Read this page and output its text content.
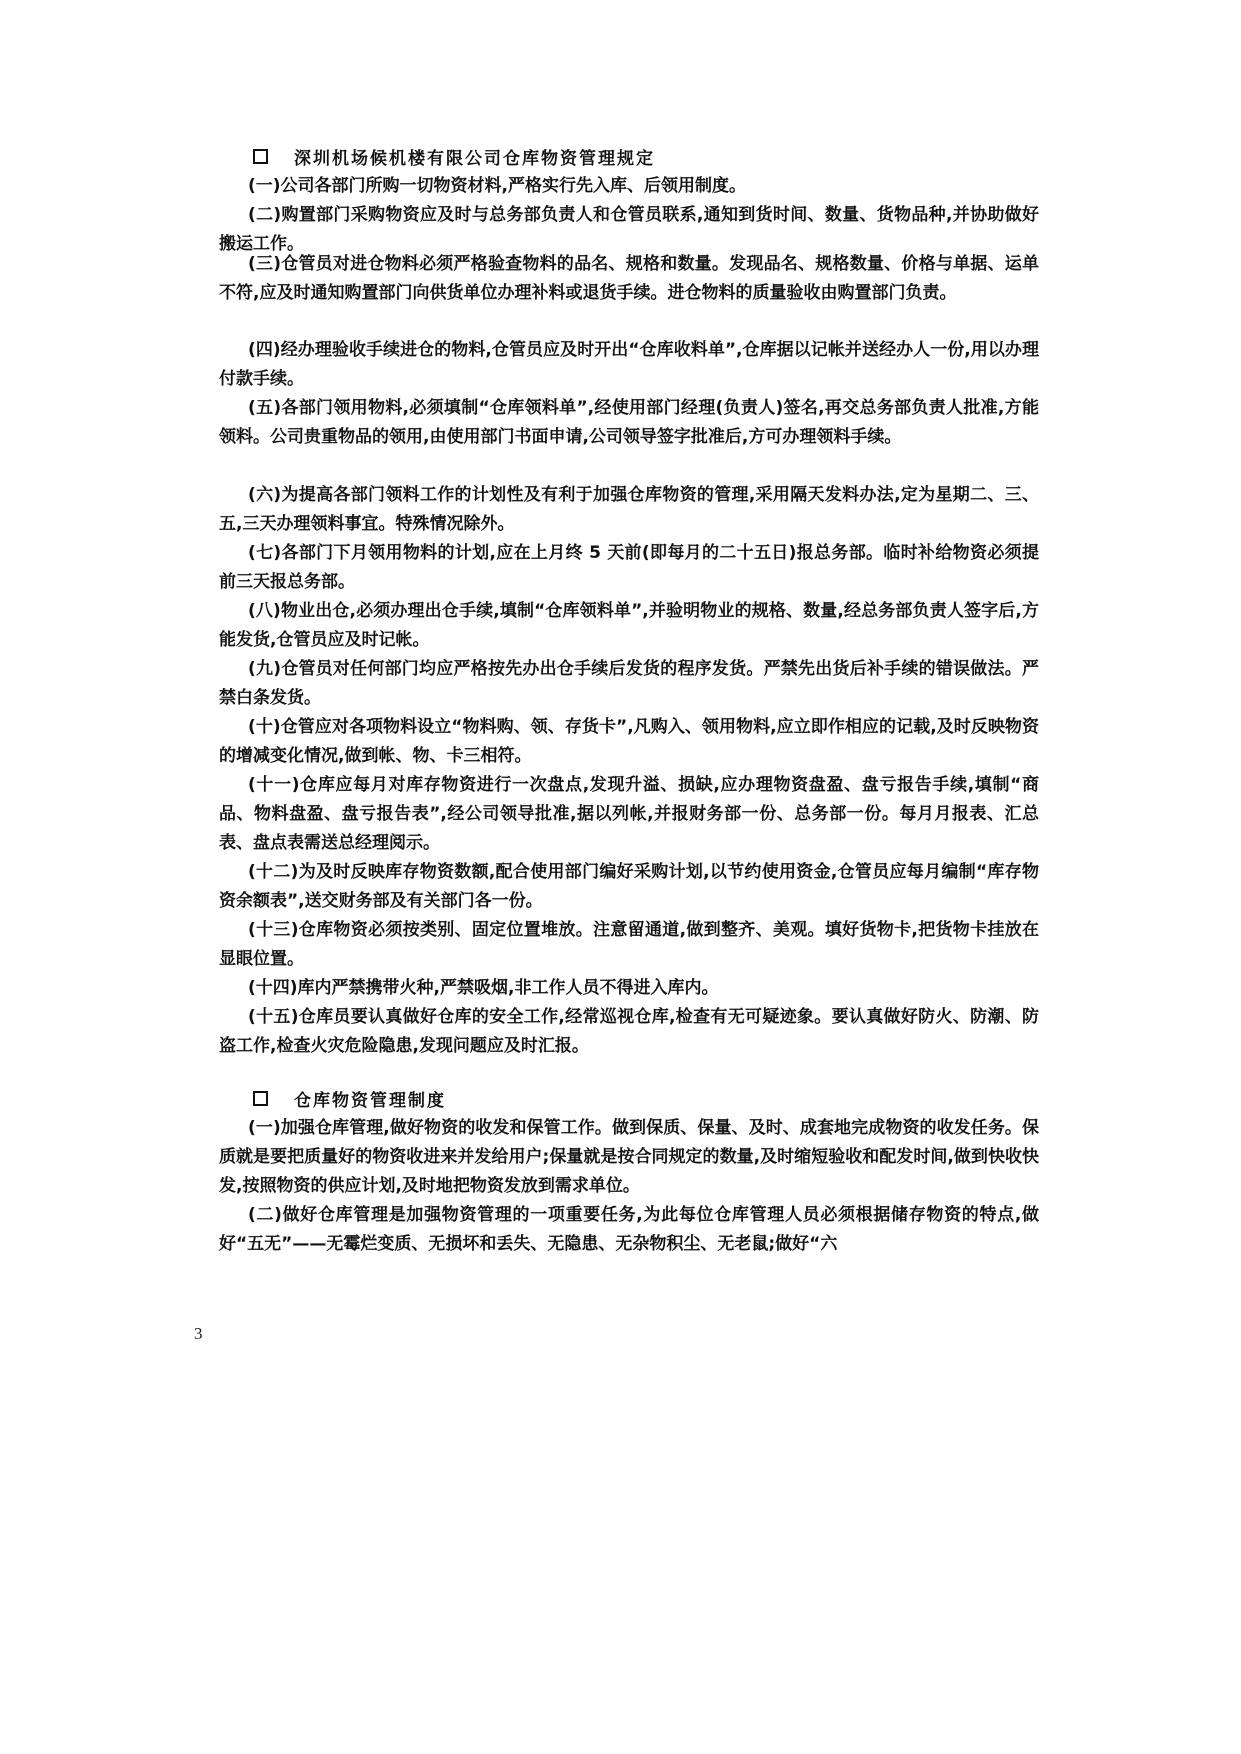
深圳机场候机楼有限公司仓库物资管理规定
(一)公司各部门所购一切物资材料,严格实行先入库、后领用制度。
(二)购置部门采购物资应及时与总务部负责人和仓管员联系,通知到货时间、数量、货物品种,并协助做好搬运工作。
(三)仓管员对进仓物料必须严格验查物料的品名、规格和数量。发现品名、规格数量、价格与单据、运单不符,应及时通知购置部门向供货单位办理补料或退货手续。进仓物料的质量验收由购置部门负责。
(四)经办理验收手续进仓的物料,仓管员应及时开出“仓库收料单”,仓库据以记帐并送经办人一份,用以办理付款手续。
(五)各部门领用物料,必须填制“仓库领料单”,经使用部门经理(负责人)签名,再交总务部负责人批准,方能领料。公司贵重物品的领用,由使用部门书面申请,公司领导签字批准后,方可办理领料手续。
(六)为提高各部门领料工作的计划性及有利于加强仓库物资的管理,采用隔天发料办法,定为星期二、三、五,三天办理领料事宜。特殊情况除外。
(七)各部门下月领用物料的计划,应在上月终 5 天前(即每月的二十五日)报总务部。临时补给物资必须提前三天报总务部。
(八)物业出仓,必须办理出仓手续,填制“仓库领料单”,并验明物业的规格、数量,经总务部负责人签字后,方能发货,仓管员应及时记帐。
(九)仓管员对任何部门均应严格按先办出仓手续后发货的程序发货。严禁先出货后补手续的错误做法。严禁白条发货。
(十)仓管应对各项物料设立“物料购、领、存货卡”,凡购入、领用物料,应立即作相应的记载,及时反映物资的增减变化情况,做到帐、物、卡三相符。
(十一)仓库应每月对库存物资进行一次盘点,发现升溢、损缺,应办理物资盘盈、盘亏报告手续,填制“商品、物料盘盈、盘亏报告表”,经公司领导批准,据以列帐,并报财务部一份、总务部一份。每月月报表、汇总表、盘点表需送总经理阅示。
(十二)为及时反映库存物资数额,配合使用部门编好采购计划,以节约使用资金,仓管员应每月编制“库存物资余额表”,送交财务部及有关部门各一份。
(十三)仓库物资必须按类别、固定位置堆放。注意留通道,做到整齐、美观。填好货物卡,把货物卡挂放在显眼位置。
(十四)库内严禁携带火种,严禁吸烟,非工作人员不得进入库内。
(十五)仓库员要认真做好仓库的安全工作,经常巡视仓库,检查有无可疑迹象。要认真做好防火、防潮、防盗工作,检查火灾危险隐患,发现问题应及时汇报。
仓库物资管理制度
(一)加强仓库管理,做好物资的收发和保管工作。做到保质、保量、及时、成套地完成物资的收发任务。保质就是要把质量好的物资收进来并发给用户;保量就是按合同规定的数量,及时缩短验收和配发时间,做到快收快发,按照物资的供应计划,及时地把物资发放到需求单位。
(二)做好仓库管理是加强物资管理的一项重要任务,为此每位仓库管理人员必须根据储存物资的特点,做好“五无”——无霉烂变质、无损坏和丢失、无隐患、无杂物积尘、无老鼠;做好“六
3
